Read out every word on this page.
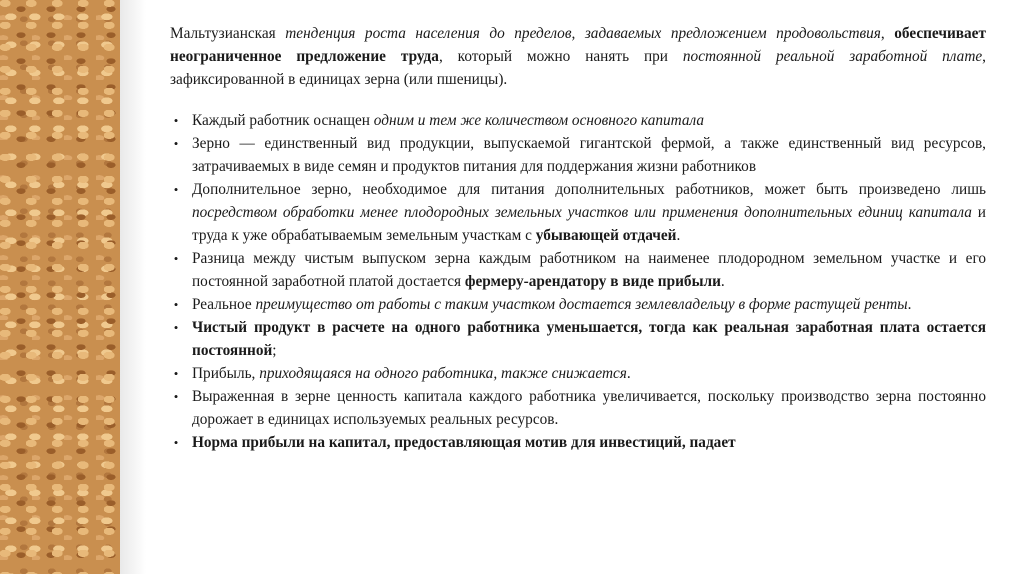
Мальтузианская тенденция роста населения до пределов, задаваемых предложением продовольствия, обеспечивает неограниченное предложение труда, который можно нанять при постоянной реальной заработной плате, зафиксированной в единицах зерна (или пшеницы).

• Каждый работник оснащен одним и тем же количеством основного капитала
• Зерно — единственный вид продукции, выпускаемой гигантской фермой, а также единственный вид ресурсов, затрачиваемых в виде семян и продуктов питания для поддержания жизни работников
• Дополнительное зерно, необходимое для питания дополнительных работников, может быть произведено лишь посредством обработки менее плодородных земельных участков или применения дополнительных единиц капитала и труда к уже обрабатываемым земельным участкам с убывающей отдачей.
• Разница между чистым выпуском зерна каждым работником на наименее плодородном земельном участке и его постоянной заработной платой достается фермеру-арендатору в виде прибыли.
• Реальное преимущество от работы с таким участком достается землевладельцу в форме растущей ренты.
• Чистый продукт в расчете на одного работника уменьшается, тогда как реальная заработная плата остается постоянной;
• Прибыль, приходящаяся на одного работника, также снижается.
• Выраженная в зерне ценность капитала каждого работника увеличивается, поскольку производство зерна постоянно дорожает в единицах используемых реальных ресурсов.
• Норма прибыли на капитал, предоставляющая мотив для инвестиций, падает
